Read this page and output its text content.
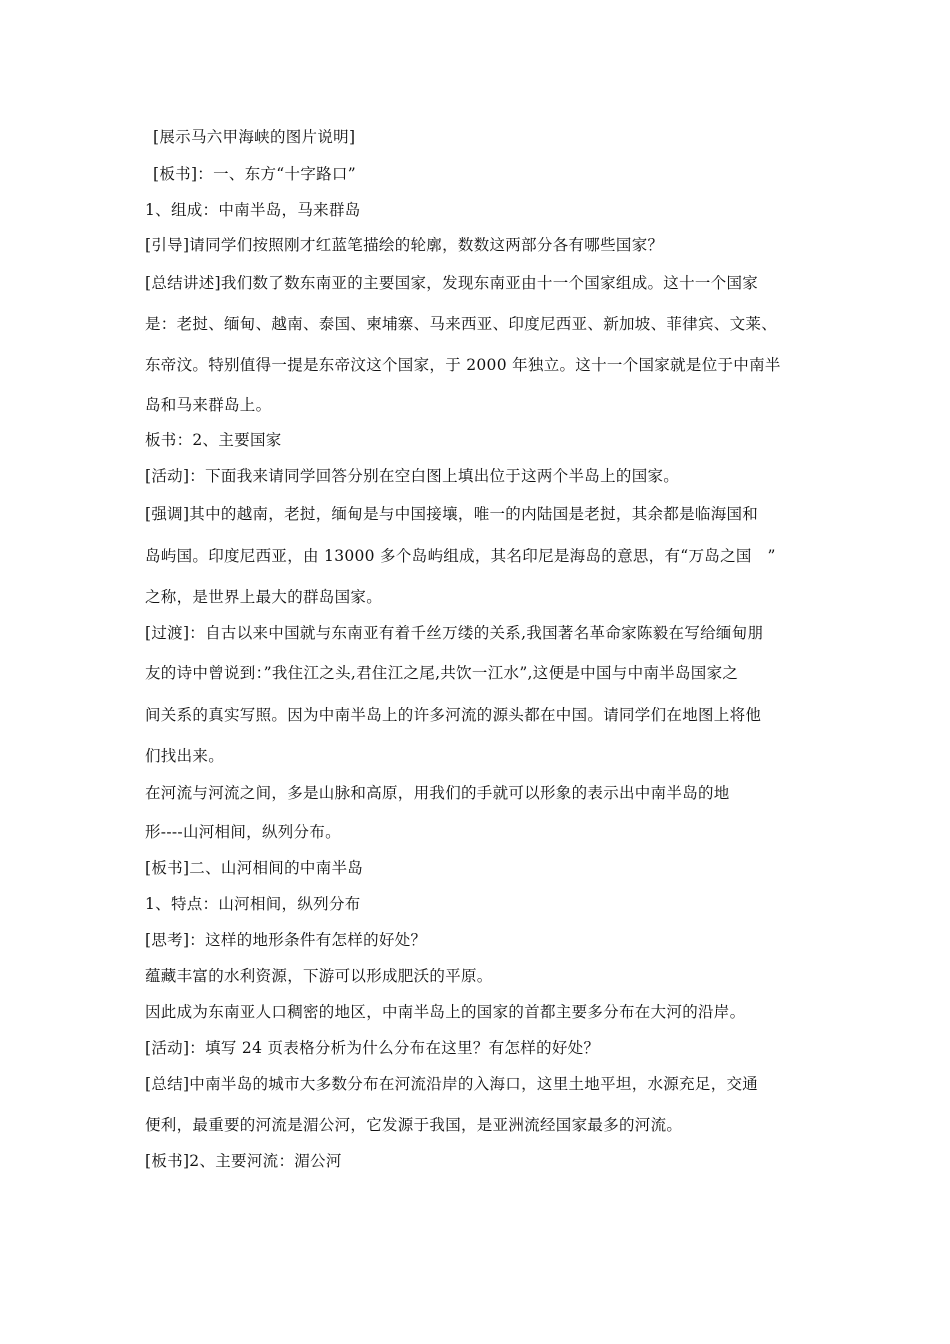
[展示马六甲海峡的图片说明]
[板书]：一、东方“十字路口”
1、组成：中南半岛，马来群岛
[引导]请同学们按照刚才红蓝笔描绘的轮廓，数数这两部分各有哪些国家？
[总结讲述]我们数了数东南亚的主要国家，发现东南亚由十一个国家组成。这十一个国家
是：老挝、缅甸、越南、泰国、柬埔寨、马来西亚、印度尼西亚、新加坡、菲律宾、文莱、
东帝汶。特别值得一提是东帝汶这个国家，于 2000 年独立。这十一个国家就是位于中南半
岛和马来群岛上。
板书：2、主要国家
[活动]：下面我来请同学回答分别在空白图上填出位于这两个半岛上的国家。
[强调]其中的越南，老挝，缅甸是与中国接壤，唯一的内陆国是老挝，其余都是临海国和
岛屿国。印度尼西亚，由 13000 多个岛屿组成，其名印尼是海岛的意思，有“万岛之国　”
之称，是世界上最大的群岛国家。
[过渡]：自古以来中国就与东南亚有着千丝万缕的关系,我国著名革命家陈毅在写给缅甸朋
友的诗中曾说到：”我住江之头,君住江之尾,共饮一江水”,这便是中国与中南半岛国家之
间关系的真实写照。因为中南半岛上的许多河流的源头都在中国。请同学们在地图上将他
们找出来。
在河流与河流之间，多是山脉和高原，用我们的手就可以形象的表示出中南半岛的地
形----山河相间，纵列分布。
[板书]二、山河相间的中南半岛
1、特点：山河相间，纵列分布
[思考]：这样的地形条件有怎样的好处？
蕴藏丰富的水利资源，下游可以形成肥沃的平原。
因此成为东南亚人口稠密的地区，中南半岛上的国家的首都主要多分布在大河的沿岸。
[活动]：填写 24 页表格分析为什么分布在这里？有怎样的好处？
[总结]中南半岛的城市大多数分布在河流沿岸的入海口，这里土地平坦，水源充足，交通
便利，最重要的河流是湄公河，它发源于我国，是亚洲流经国家最多的河流。
[板书]2、主要河流：湄公河
